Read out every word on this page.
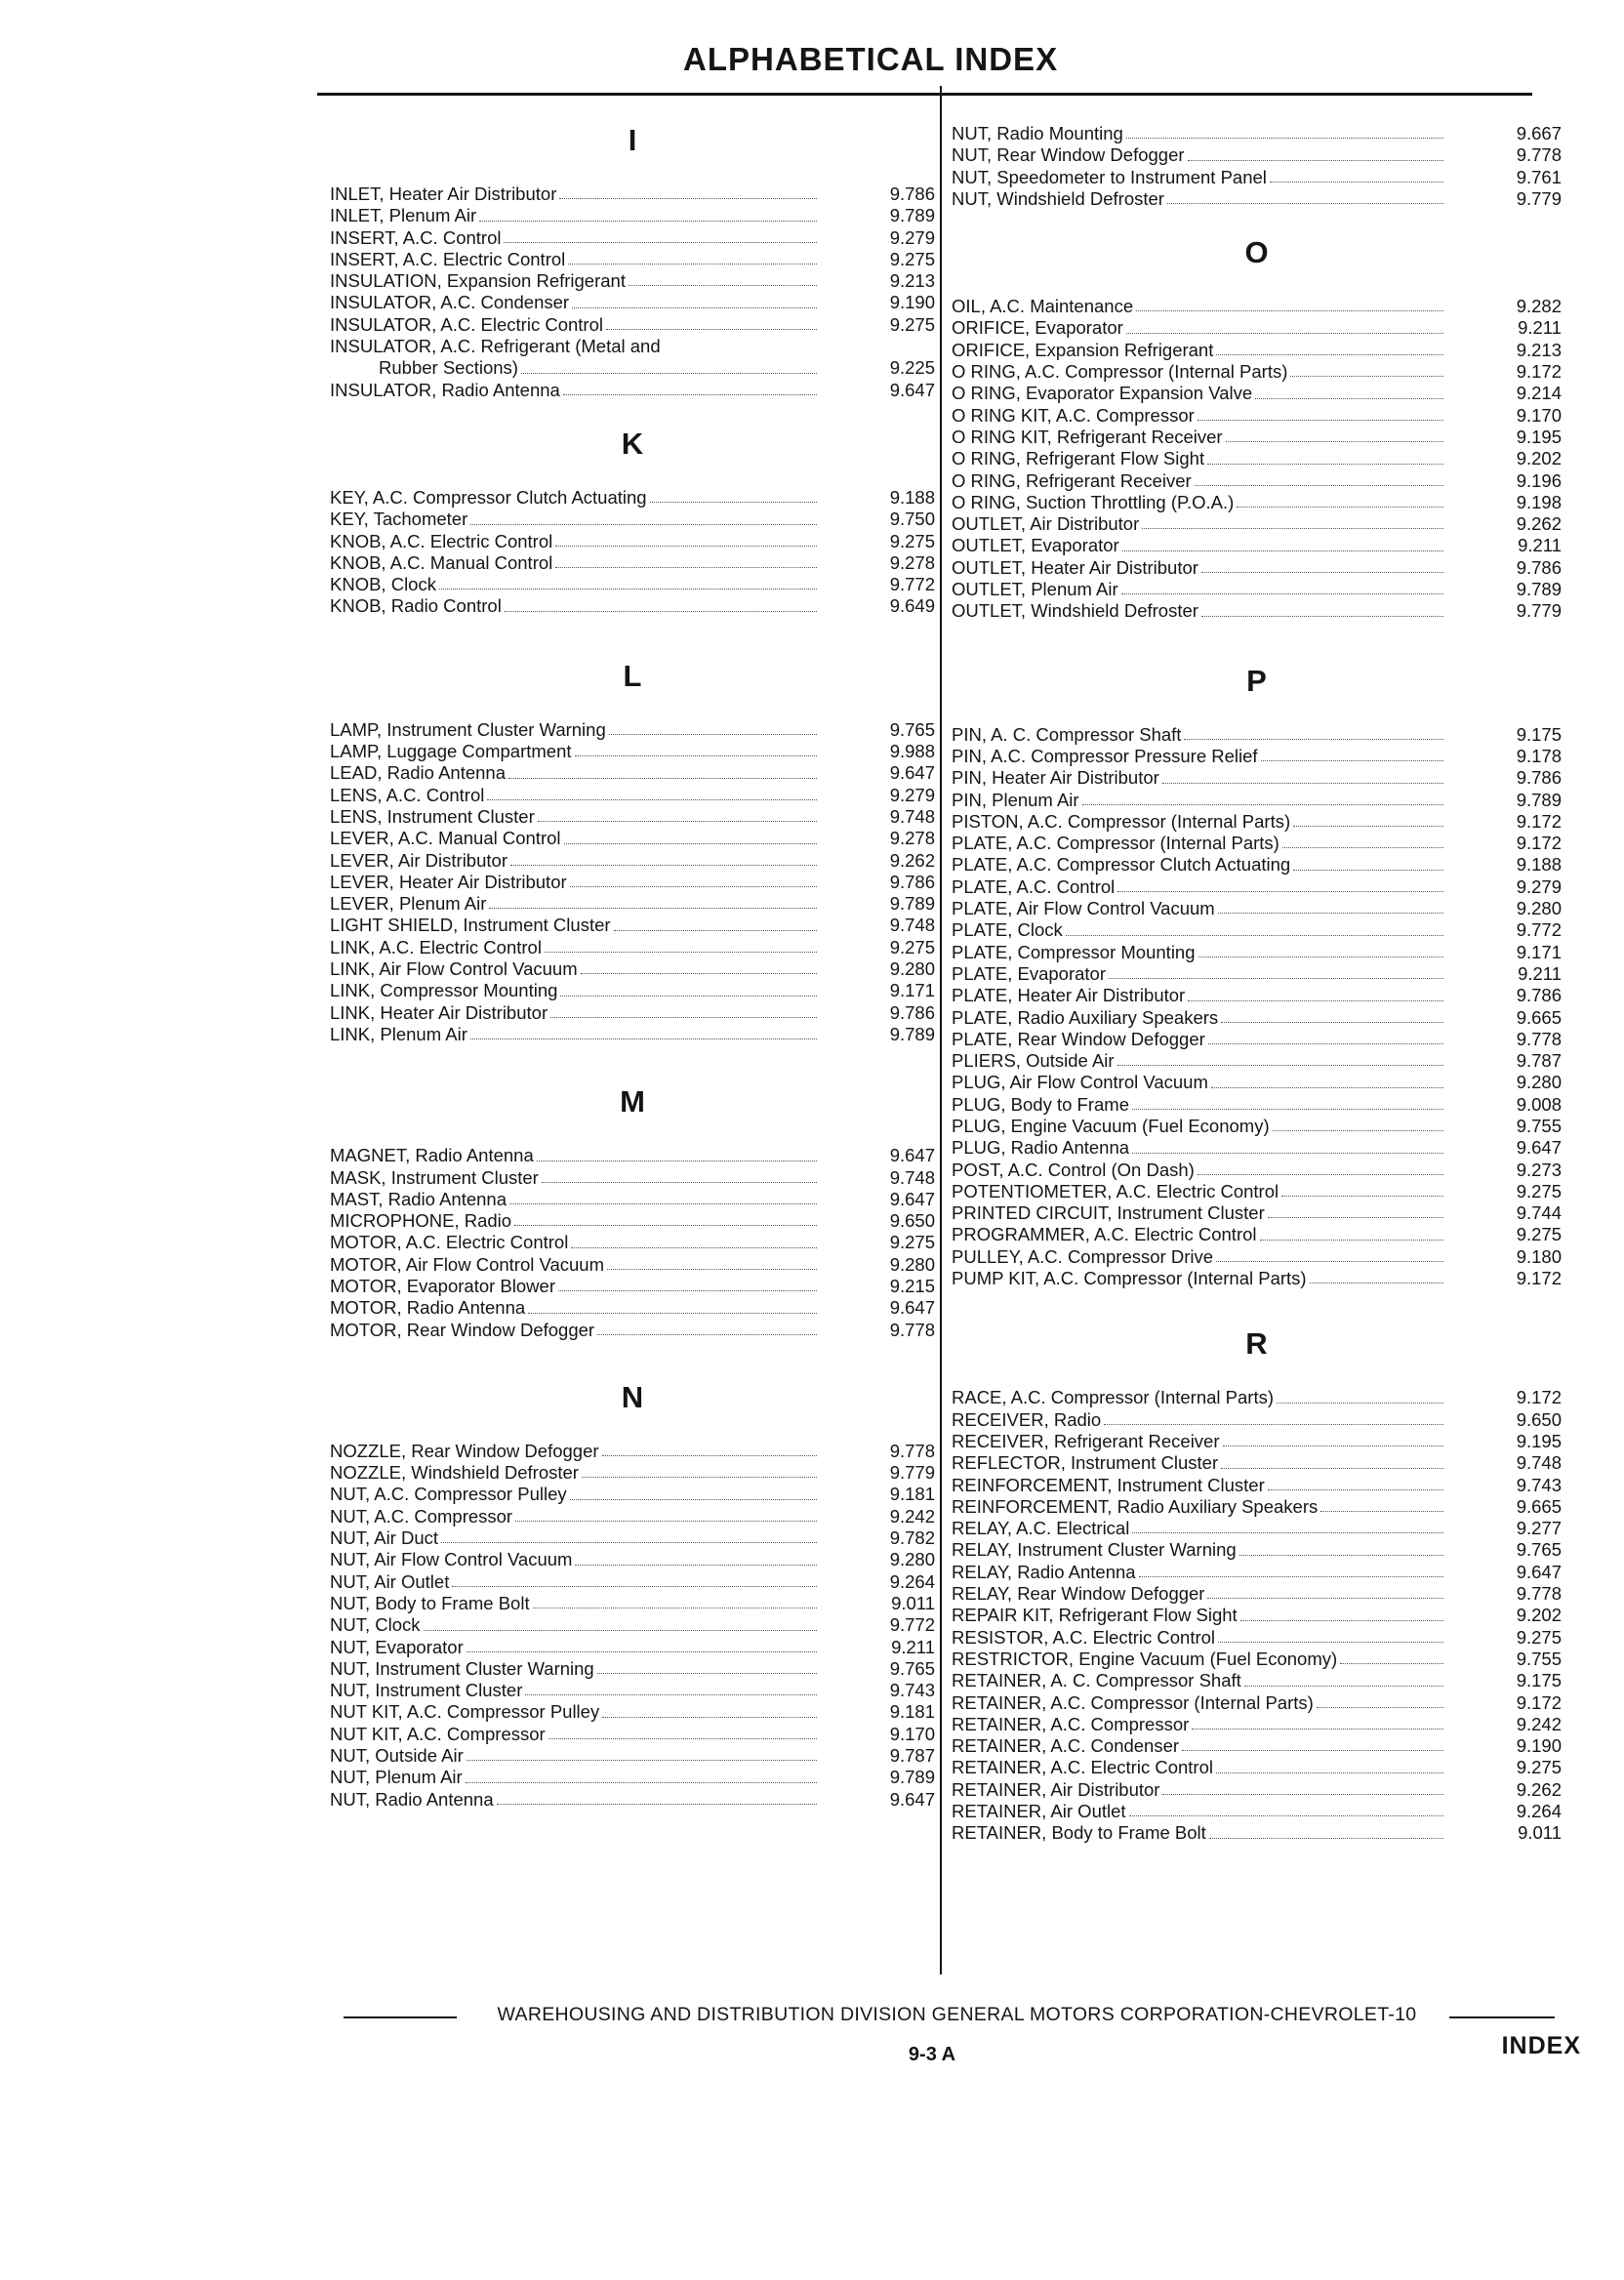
ALPHABETICAL INDEX
I
INLET, Heater Air Distributor	9.786
INLET, Plenum Air	9.789
INSERT, A.C. Control	9.279
INSERT, A.C. Electric Control	9.275
INSULATION, Expansion Refrigerant	9.213
INSULATOR, A.C. Condenser	9.190
INSULATOR, A.C. Electric Control	9.275
INSULATOR, A.C. Refrigerant (Metal and
Rubber Sections)	9.225
INSULATOR, Radio Antenna	9.647
K
KEY, A.C. Compressor Clutch Actuating	9.188
KEY, Tachometer	9.750
KNOB, A.C. Electric Control	9.275
KNOB, A.C. Manual Control	9.278
KNOB, Clock	9.772
KNOB, Radio Control	9.649
L
LAMP, Instrument Cluster Warning	9.765
LAMP, Luggage Compartment	9.988
LEAD, Radio Antenna	9.647
LENS, A.C. Control	9.279
LENS, Instrument Cluster	9.748
LEVER, A.C. Manual Control	9.278
LEVER, Air Distributor	9.262
LEVER, Heater Air Distributor	9.786
LEVER, Plenum Air	9.789
LIGHT SHIELD, Instrument Cluster	9.748
LINK, A.C. Electric Control	9.275
LINK, Air Flow Control Vacuum	9.280
LINK, Compressor Mounting	9.171
LINK, Heater Air Distributor	9.786
LINK, Plenum Air	9.789
M
MAGNET, Radio Antenna	9.647
MASK, Instrument Cluster	9.748
MAST, Radio Antenna	9.647
MICROPHONE, Radio	9.650
MOTOR, A.C. Electric Control	9.275
MOTOR, Air Flow Control Vacuum	9.280
MOTOR, Evaporator Blower	9.215
MOTOR, Radio Antenna	9.647
MOTOR, Rear Window Defogger	9.778
N
NOZZLE, Rear Window Defogger	9.778
NOZZLE, Windshield Defroster	9.779
NUT, A.C. Compressor Pulley	9.181
NUT, A.C. Compressor	9.242
NUT, Air Duct	9.782
NUT, Air Flow Control Vacuum	9.280
NUT, Air Outlet	9.264
NUT, Body to Frame Bolt	9.011
NUT, Clock	9.772
NUT, Evaporator	9.211
NUT, Instrument Cluster Warning	9.765
NUT, Instrument Cluster	9.743
NUT KIT, A.C. Compressor Pulley	9.181
NUT KIT, A.C. Compressor	9.170
NUT, Outside Air	9.787
NUT, Plenum Air	9.789
NUT, Radio Antenna	9.647
NUT, Radio Mounting	9.667
NUT, Rear Window Defogger	9.778
NUT, Speedometer to Instrument Panel	9.761
NUT, Windshield Defroster	9.779
O
OIL, A.C. Maintenance	9.282
ORIFICE, Evaporator	9.211
ORIFICE, Expansion Refrigerant	9.213
O RING, A.C. Compressor (Internal Parts)	9.172
O RING, Evaporator Expansion Valve	9.214
O RING KIT, A.C. Compressor	9.170
O RING KIT, Refrigerant Receiver	9.195
O RING, Refrigerant Flow Sight	9.202
O RING, Refrigerant Receiver	9.196
O RING, Suction Throttling (P.O.A.)	9.198
OUTLET, Air Distributor	9.262
OUTLET, Evaporator	9.211
OUTLET, Heater Air Distributor	9.786
OUTLET, Plenum Air	9.789
OUTLET, Windshield Defroster	9.779
P
PIN, A. C. Compressor Shaft	9.175
PIN, A.C. Compressor Pressure Relief	9.178
PIN, Heater Air Distributor	9.786
PIN, Plenum Air	9.789
PISTON, A.C. Compressor (Internal Parts)	9.172
PLATE, A.C. Compressor (Internal Parts)	9.172
PLATE, A.C. Compressor Clutch Actuating	9.188
PLATE, A.C. Control	9.279
PLATE, Air Flow Control Vacuum	9.280
PLATE, Clock	9.772
PLATE, Compressor Mounting	9.171
PLATE, Evaporator	9.211
PLATE, Heater Air Distributor	9.786
PLATE, Radio Auxiliary Speakers	9.665
PLATE, Rear Window Defogger	9.778
PLIERS, Outside Air	9.787
PLUG, Air Flow Control Vacuum	9.280
PLUG, Body to Frame	9.008
PLUG, Engine Vacuum (Fuel Economy)	9.755
PLUG, Radio Antenna	9.647
POST, A.C. Control (On Dash)	9.273
POTENTIOMETER, A.C. Electric Control	9.275
PRINTED CIRCUIT, Instrument Cluster	9.744
PROGRAMMER, A.C. Electric Control	9.275
PULLEY, A.C. Compressor Drive	9.180
PUMP KIT, A.C. Compressor (Internal Parts)	9.172
R
RACE, A.C. Compressor (Internal Parts)	9.172
RECEIVER, Radio	9.650
RECEIVER, Refrigerant Receiver	9.195
REFLECTOR, Instrument Cluster	9.748
REINFORCEMENT, Instrument Cluster	9.743
REINFORCEMENT, Radio Auxiliary Speakers	9.665
RELAY, A.C. Electrical	9.277
RELAY, Instrument Cluster Warning	9.765
RELAY, Radio Antenna	9.647
RELAY, Rear Window Defogger	9.778
REPAIR KIT, Refrigerant Flow Sight	9.202
RESISTOR, A.C. Electric Control	9.275
RESTRICTOR, Engine Vacuum (Fuel Economy)	9.755
RETAINER, A. C. Compressor Shaft	9.175
RETAINER, A.C. Compressor (Internal Parts)	9.172
RETAINER, A.C. Compressor	9.242
RETAINER, A.C. Condenser	9.190
RETAINER, A.C. Electric Control	9.275
RETAINER, Air Distributor	9.262
RETAINER, Air Outlet	9.264
RETAINER, Body to Frame Bolt	9.011
WAREHOUSING AND DISTRIBUTION DIVISION GENERAL MOTORS CORPORATION-CHEVROLET-10
9-3 A	INDEX
